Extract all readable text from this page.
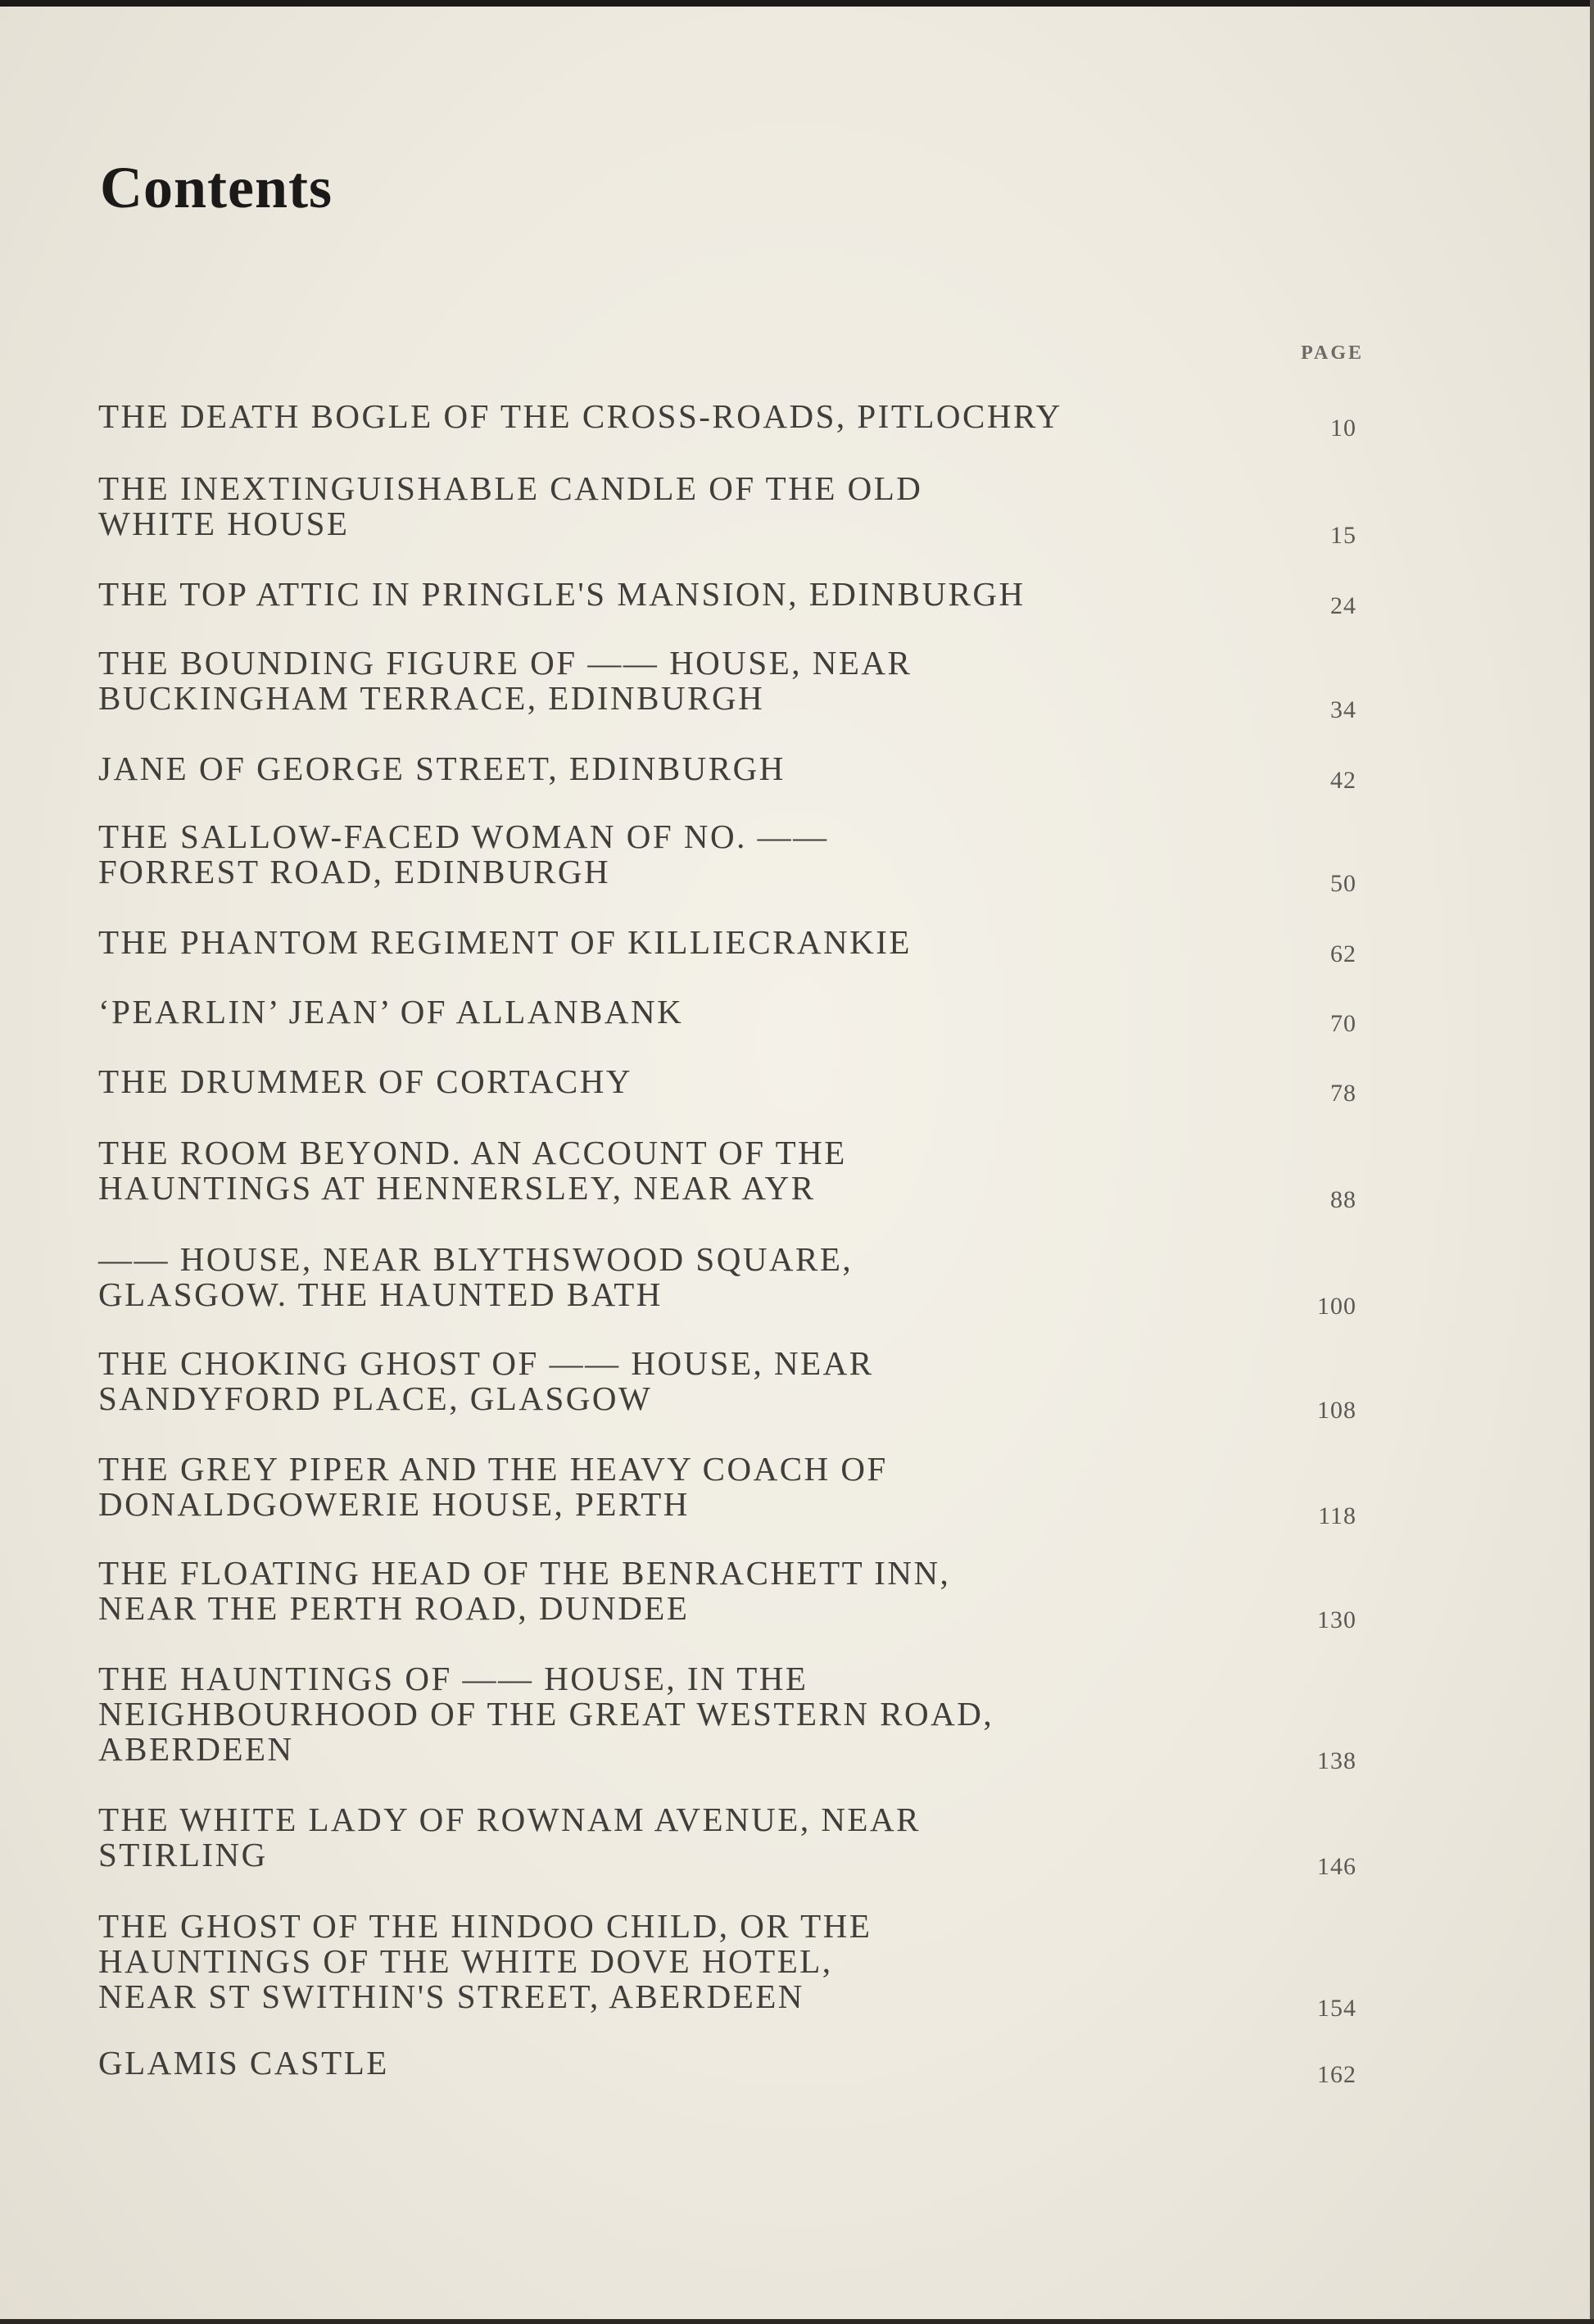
Contents
PAGE
THE DEATH BOGLE OF THE CROSS-ROADS, PITLOCHRY	10
THE INEXTINGUISHABLE CANDLE OF THE OLD
WHITE HOUSE	15
THE TOP ATTIC IN PRINGLE'S MANSION, EDINBURGH	24
THE BOUNDING FIGURE OF —— HOUSE, NEAR
BUCKINGHAM TERRACE, EDINBURGH	34
JANE OF GEORGE STREET, EDINBURGH	42
THE SALLOW-FACED WOMAN OF NO. ——
FORREST ROAD, EDINBURGH	50
THE PHANTOM REGIMENT OF KILLIECRANKIE	62
‘PEARLIN’ JEAN’ OF ALLANBANK	70
THE DRUMMER OF CORTACHY	78
THE ROOM BEYOND. AN ACCOUNT OF THE
HAUNTINGS AT HENNERSLEY, NEAR AYR	88
—— HOUSE, NEAR BLYTHSWOOD SQUARE,
GLASGOW. THE HAUNTED BATH	100
THE CHOKING GHOST OF —— HOUSE, NEAR
SANDYFORD PLACE, GLASGOW	108
THE GREY PIPER AND THE HEAVY COACH OF
DONALDGOWERIE HOUSE, PERTH	118
THE FLOATING HEAD OF THE BENRACHETT INN,
NEAR THE PERTH ROAD, DUNDEE	130
THE HAUNTINGS OF —— HOUSE, IN THE
NEIGHBOURHOOD OF THE GREAT WESTERN ROAD,
ABERDEEN	138
THE WHITE LADY OF ROWNAM AVENUE, NEAR
STIRLING	146
THE GHOST OF THE HINDOO CHILD, OR THE
HAUNTINGS OF THE WHITE DOVE HOTEL,
NEAR ST SWITHIN'S STREET, ABERDEEN	154
GLAMIS CASTLE	162
